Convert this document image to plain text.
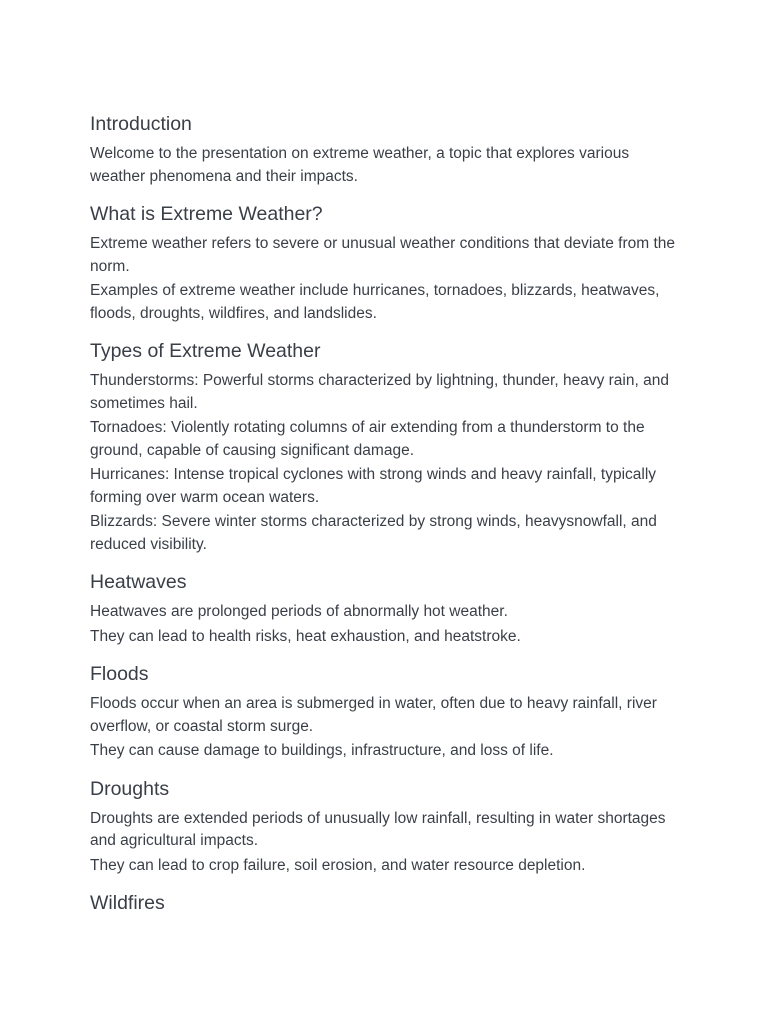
Introduction

Welcome to the presentation on extreme weather, a topic that explores various weather phenomena and their impacts.

What is Extreme Weather?

Extreme weather refers to severe or unusual weather conditions that deviate from the norm.

Examples of extreme weather include hurricanes, tornadoes, blizzards, heatwaves, floods, droughts, wildfires, and landslides.

Types of Extreme Weather

Thunderstorms: Powerful storms characterized by lightning, thunder, heavy rain, and sometimes hail.

Tornadoes: Violently rotating columns of air extending from a thunderstorm to the ground, capable of causing significant damage.

Hurricanes: Intense tropical cyclones with strong winds and heavy rainfall, typically forming over warm ocean waters.

Blizzards: Severe winter storms characterized by strong winds, heavysnowfall, and reduced visibility.

Heatwaves

Heatwaves are prolonged periods of abnormally hot weather.

They can lead to health risks, heat exhaustion, and heatstroke.

Floods

Floods occur when an area is submerged in water, often due to heavy rainfall, river overflow, or coastal storm surge.

They can cause damage to buildings, infrastructure, and loss of life.

Droughts

Droughts are extended periods of unusually low rainfall, resulting in water shortages and agricultural impacts.

They can lead to crop failure, soil erosion, and water resource depletion.

Wildfires
